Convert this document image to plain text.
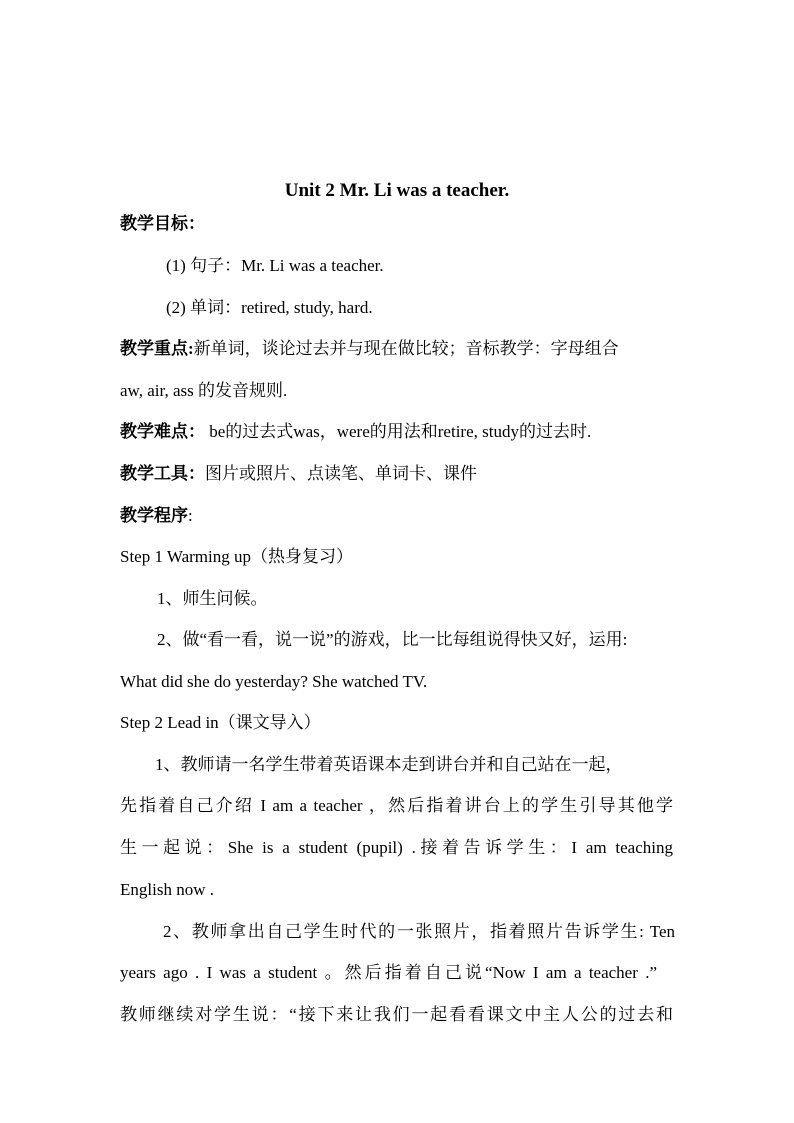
Unit 2 Mr. Li was a teacher.
教学目标：
(1) 句子：Mr. Li was a teacher.
(2) 单词：retired, study, hard.
教学重点:新单词，谈论过去并与现在做比较；音标教学：字母组合
aw, air, ass 的发音规则.
教学难点： be的过去式was，were的用法和retire, study的过去时.
教学工具：图片或照片、点读笔、单词卡、课件
教学程序:
Step 1 Warming up（热身复习）
1、师生问候。
2、做“看一看，说一说”的游戏，比一比每组说得快又好，运用:
What did she do yesterday? She watched TV.
Step 2 Lead in（课文导入）
1、教师请一名学生带着英语课本走到讲台并和自己站在一起，
先指着自己介绍 I am a teacher ，然后指着讲台上的学生引导其他学
生一起说：She is a student (pupil) .接着告诉学生：I am teaching
English now .
2、教师拿出自己学生时代的一张照片，指着照片告诉学生: Ten
years ago . I was a student 。然后指着自己说“Now I am a teacher .”
教师继续对学生说：“接下来让我们一起看看课文中主人公的过去和
